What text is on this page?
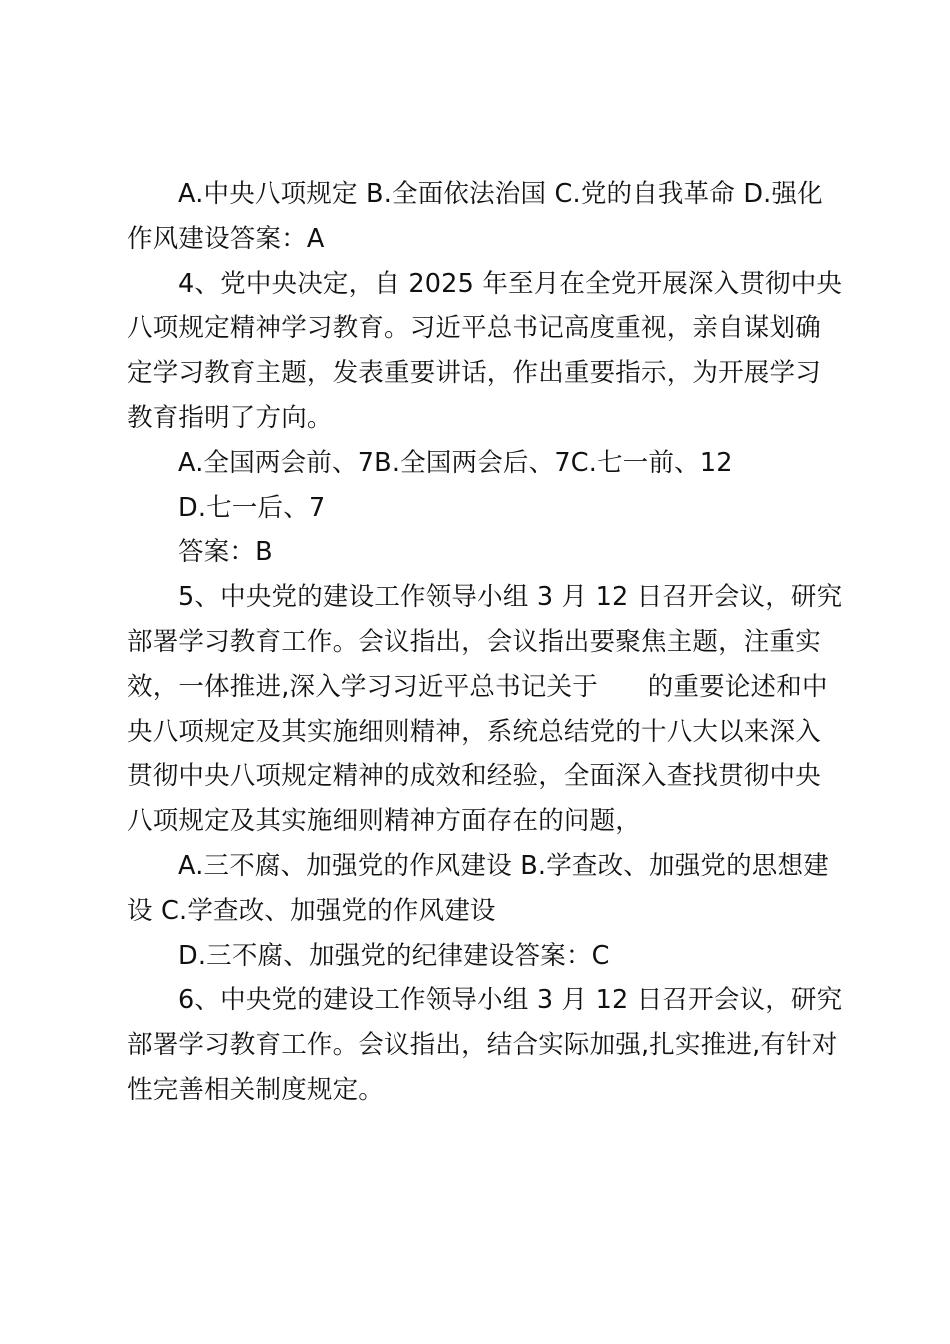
A.中央八项规定 B.全面依法治国 C.党的自我革命 D.强化
作风建设答案：A
4、党中央决定，自 2025 年至月在全党开展深入贯彻中央
八项规定精神学习教育。习近平总书记高度重视，亲自谋划确
定学习教育主题，发表重要讲话，作出重要指示，为开展学习
教育指明了方向。
A.全国两会前、7B.全国两会后、7C.七一前、12
D.七一后、7
答案：B
5、中央党的建设工作领导小组 3 月 12 日召开会议，研究
部署学习教育工作。会议指出，会议指出要聚焦主题，注重实
效，一体推进,深入学习习近平总书记关于      的重要论述和中
央八项规定及其实施细则精神，系统总结党的十八大以来深入
贯彻中央八项规定精神的成效和经验，全面深入查找贯彻中央
八项规定及其实施细则精神方面存在的问题，
A.三不腐、加强党的作风建设 B.学查改、加强党的思想建
设 C.学查改、加强党的作风建设
D.三不腐、加强党的纪律建设答案：C
6、中央党的建设工作领导小组 3 月 12 日召开会议，研究
部署学习教育工作。会议指出，结合实际加强,扎实推进,有针对
性完善相关制度规定。
